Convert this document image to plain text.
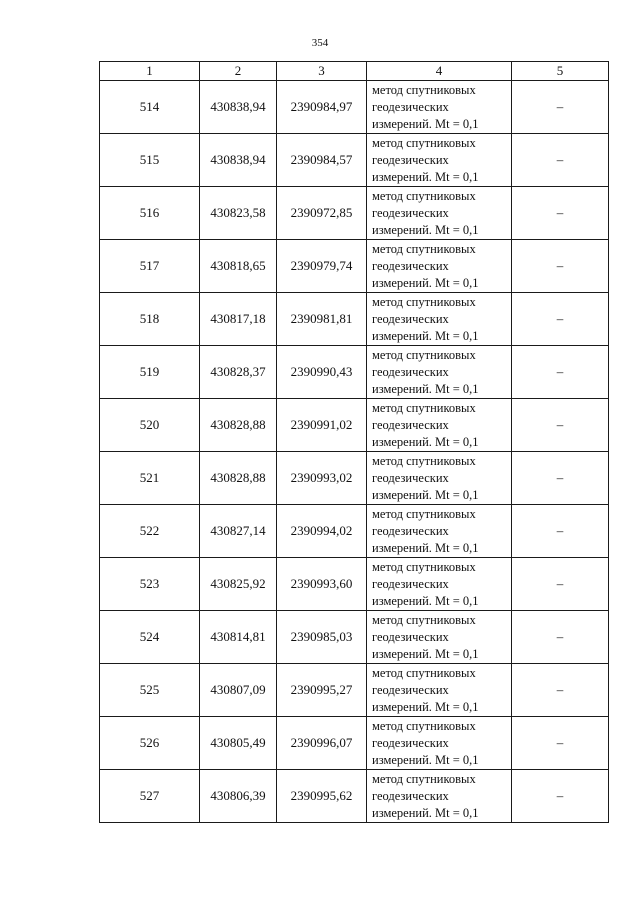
354
1	2	3	4	5
514	430838,94	2390984,97	метод спутниковых
геодезических
измерений. Mt = 0,1	–
515	430838,94	2390984,57	метод спутниковых
геодезических
измерений. Mt = 0,1	–
516	430823,58	2390972,85	метод спутниковых
геодезических
измерений. Mt = 0,1	–
517	430818,65	2390979,74	метод спутниковых
геодезических
измерений. Mt = 0,1	–
518	430817,18	2390981,81	метод спутниковых
геодезических
измерений. Mt = 0,1	–
519	430828,37	2390990,43	метод спутниковых
геодезических
измерений. Mt = 0,1	–
520	430828,88	2390991,02	метод спутниковых
геодезических
измерений. Mt = 0,1	–
521	430828,88	2390993,02	метод спутниковых
геодезических
измерений. Mt = 0,1	–
522	430827,14	2390994,02	метод спутниковых
геодезических
измерений. Mt = 0,1	–
523	430825,92	2390993,60	метод спутниковых
геодезических
измерений. Mt = 0,1	–
524	430814,81	2390985,03	метод спутниковых
геодезических
измерений. Mt = 0,1	–
525	430807,09	2390995,27	метод спутниковых
геодезических
измерений. Mt = 0,1	–
526	430805,49	2390996,07	метод спутниковых
геодезических
измерений. Mt = 0,1	–
527	430806,39	2390995,62	метод спутниковых
геодезических
измерений. Mt = 0,1	–
